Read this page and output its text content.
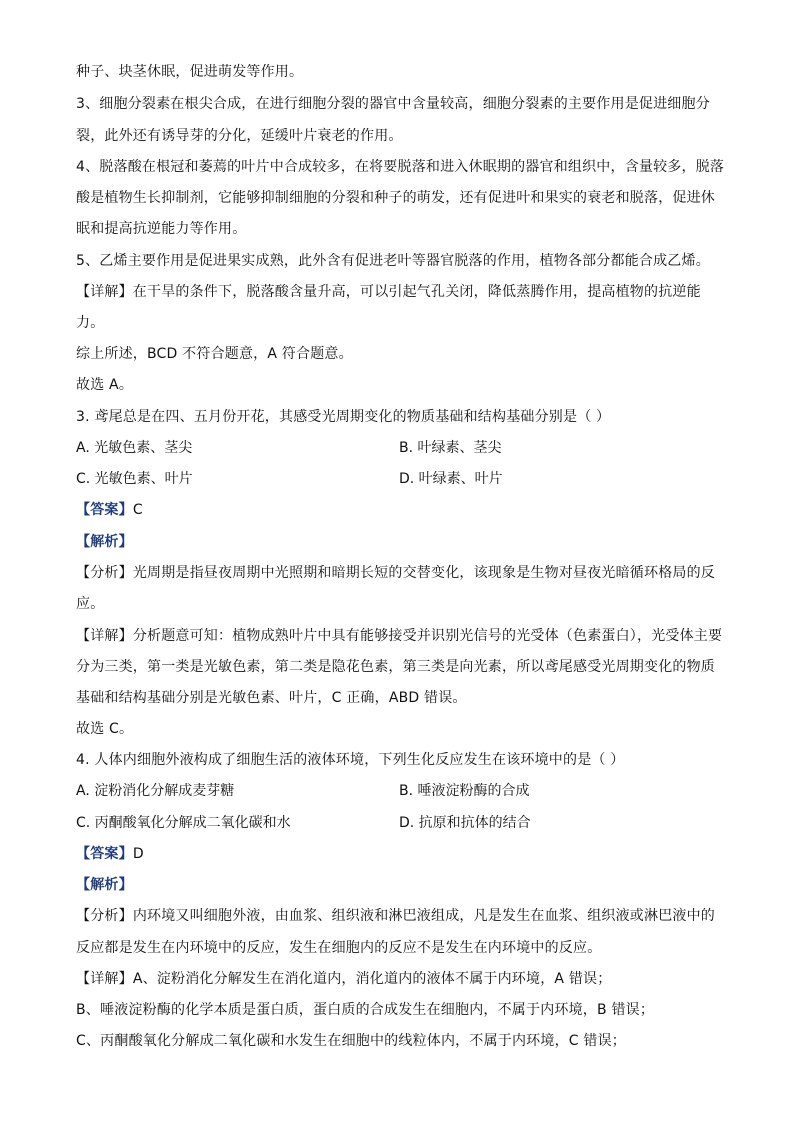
种子、块茎休眠，促进萌发等作用。
3、细胞分裂素在根尖合成，在进行细胞分裂的器官中含量较高，细胞分裂素的主要作用是促进细胞分
裂，此外还有诱导芽的分化，延缓叶片衰老的作用。
4、脱落酸在根冠和萎蔫的叶片中合成较多，在将要脱落和进入休眠期的器官和组织中，含量较多，脱落
酸是植物生长抑制剂，它能够抑制细胞的分裂和种子的萌发，还有促进叶和果实的衰老和脱落，促进休
眠和提高抗逆能力等作用。
5、乙烯主要作用是促进果实成熟，此外含有促进老叶等器官脱落的作用，植物各部分都能合成乙烯。
【详解】在干旱的条件下，脱落酸含量升高，可以引起气孔关闭，降低蒸腾作用，提高植物的抗逆能
力。
综上所述，BCD 不符合题意，A 符合题意。
故选 A。
3. 鸢尾总是在四、五月份开花，其感受光周期变化的物质基础和结构基础分别是（ ）
A. 光敏色素、茎尖	B. 叶绿素、茎尖
C. 光敏色素、叶片	D. 叶绿素、叶片
【答案】C
【解析】
【分析】光周期是指昼夜周期中光照期和暗期长短的交替变化，该现象是生物对昼夜光暗循环格局的反
应。
【详解】分析题意可知：植物成熟叶片中具有能够接受并识别光信号的光受体（色素蛋白），光受体主要
分为三类，第一类是光敏色素，第二类是隐花色素，第三类是向光素，所以鸢尾感受光周期变化的物质
基础和结构基础分别是光敏色素、叶片，C 正确，ABD 错误。
故选 C。
4. 人体内细胞外液构成了细胞生活的液体环境，下列生化反应发生在该环境中的是（ ）
A. 淀粉消化分解成麦芽糖	B. 唾液淀粉酶的合成
C. 丙酮酸氧化分解成二氧化碳和水	D. 抗原和抗体的结合
【答案】D
【解析】
【分析】内环境又叫细胞外液，由血浆、组织液和淋巴液组成，凡是发生在血浆、组织液或淋巴液中的
反应都是发生在内环境中的反应，发生在细胞内的反应不是发生在内环境中的反应。
【详解】A、淀粉消化分解发生在消化道内，消化道内的液体不属于内环境，A 错误；
B、唾液淀粉酶的化学本质是蛋白质，蛋白质的合成发生在细胞内，不属于内环境，B 错误；
C、丙酮酸氧化分解成二氧化碳和水发生在细胞中的线粒体内，不属于内环境，C 错误；
